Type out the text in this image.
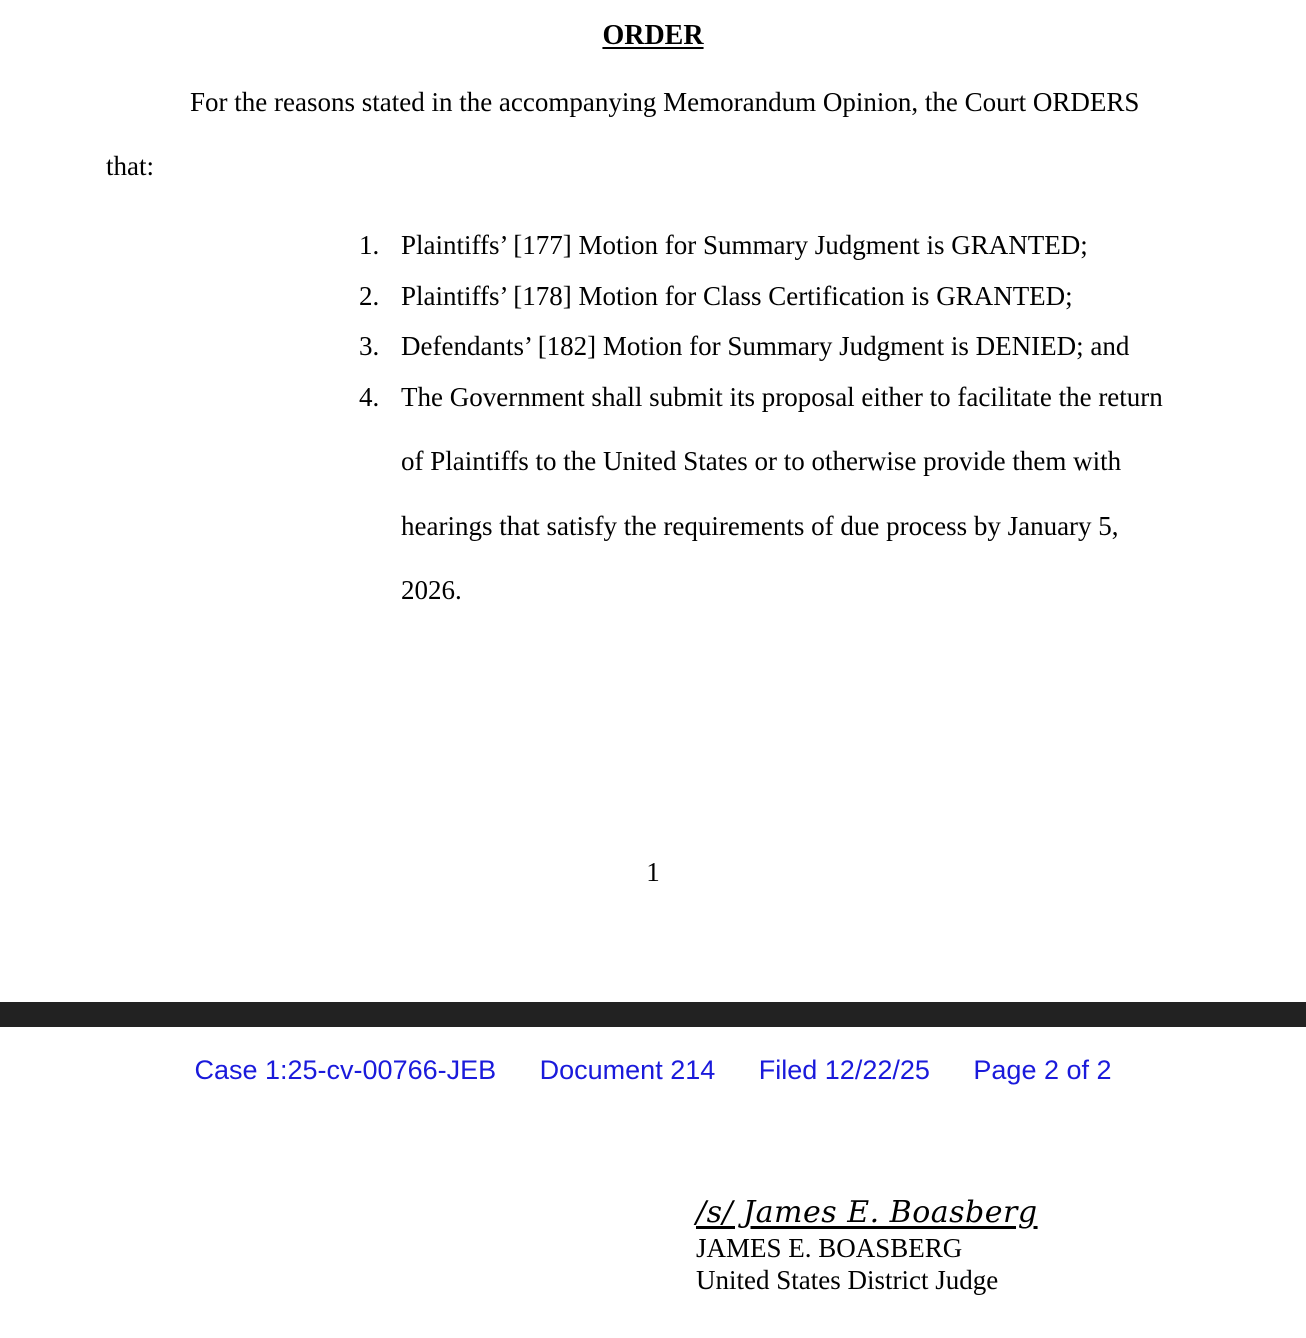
ORDER
For the reasons stated in the accompanying Memorandum Opinion, the Court ORDERS
that:
1. Plaintiffs’ [177] Motion for Summary Judgment is GRANTED;
2. Plaintiffs’ [178] Motion for Class Certification is GRANTED;
3. Defendants’ [182] Motion for Summary Judgment is DENIED; and
4. The Government shall submit its proposal either to facilitate the return
of Plaintiffs to the United States or to otherwise provide them with
hearings that satisfy the requirements of due process by January 5,
2026.
1
Case 1:25-cv-00766-JEB Document 214 Filed 12/22/25 Page 2 of 2
/s/ James E. Boasberg
JAMES E. BOASBERG
United States District Judge
